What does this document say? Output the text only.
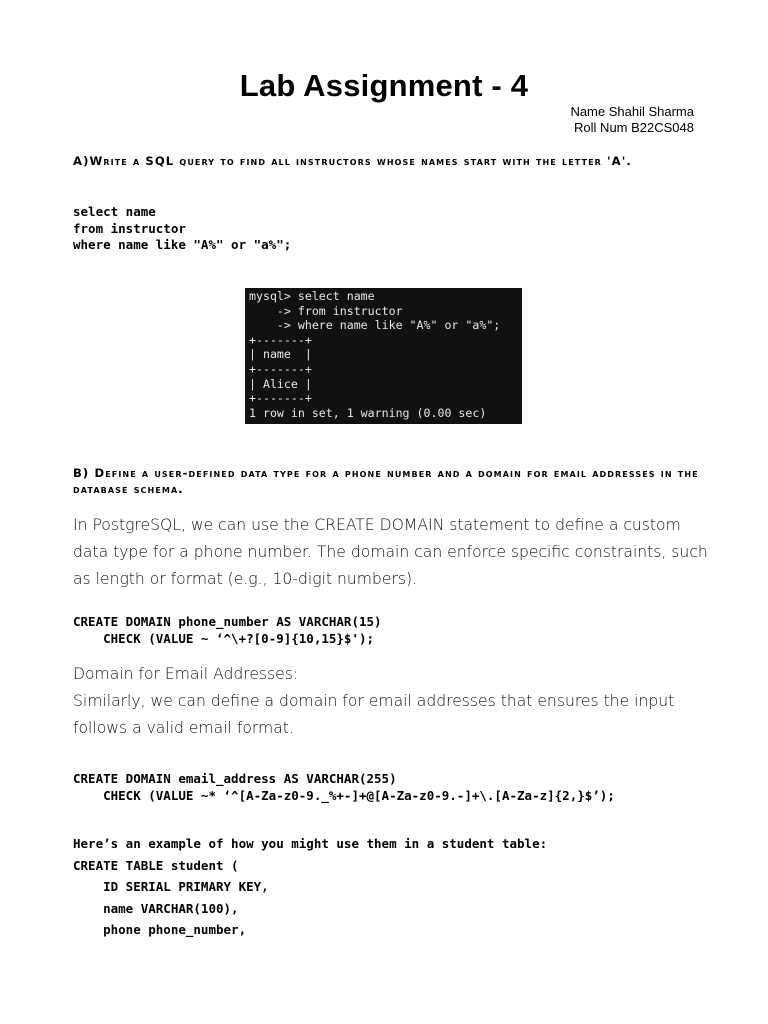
Lab Assignment - 4
Name Shahil Sharma
Roll Num B22CS048
A)Write a SQL query to find all instructors whose names start with the letter 'A'.
select name
from instructor
where name like "A%" or "a%";
mysql> select name
-> from instructor
-> where name like "A%" or "a%";
+-------+
| name  |
+-------+
| Alice |
+-------+
1 row in set, 1 warning (0.00 sec)
B) Define a user-defined data type for a phone number and a domain for email addresses in the database schema.
In PostgreSQL, we can use the CREATE DOMAIN statement to define a custom data type for a phone number. The domain can enforce specific constraints, such as length or format (e.g., 10-digit numbers).
CREATE DOMAIN phone_number AS VARCHAR(15)
CHECK (VALUE ~ ‘^\+?[0-9]{10,15}$');
Domain for Email Addresses:
Similarly, we can define a domain for email addresses that ensures the input follows a valid email format.
CREATE DOMAIN email_address AS VARCHAR(255)
CHECK (VALUE ~* ‘^[A-Za-z0-9._%+-]+@[A-Za-z0-9.-]+\.[A-Za-z]{2,}$’);
Here’s an example of how you might use them in a student table:
CREATE TABLE student (
ID SERIAL PRIMARY KEY,
name VARCHAR(100),
phone phone_number,
